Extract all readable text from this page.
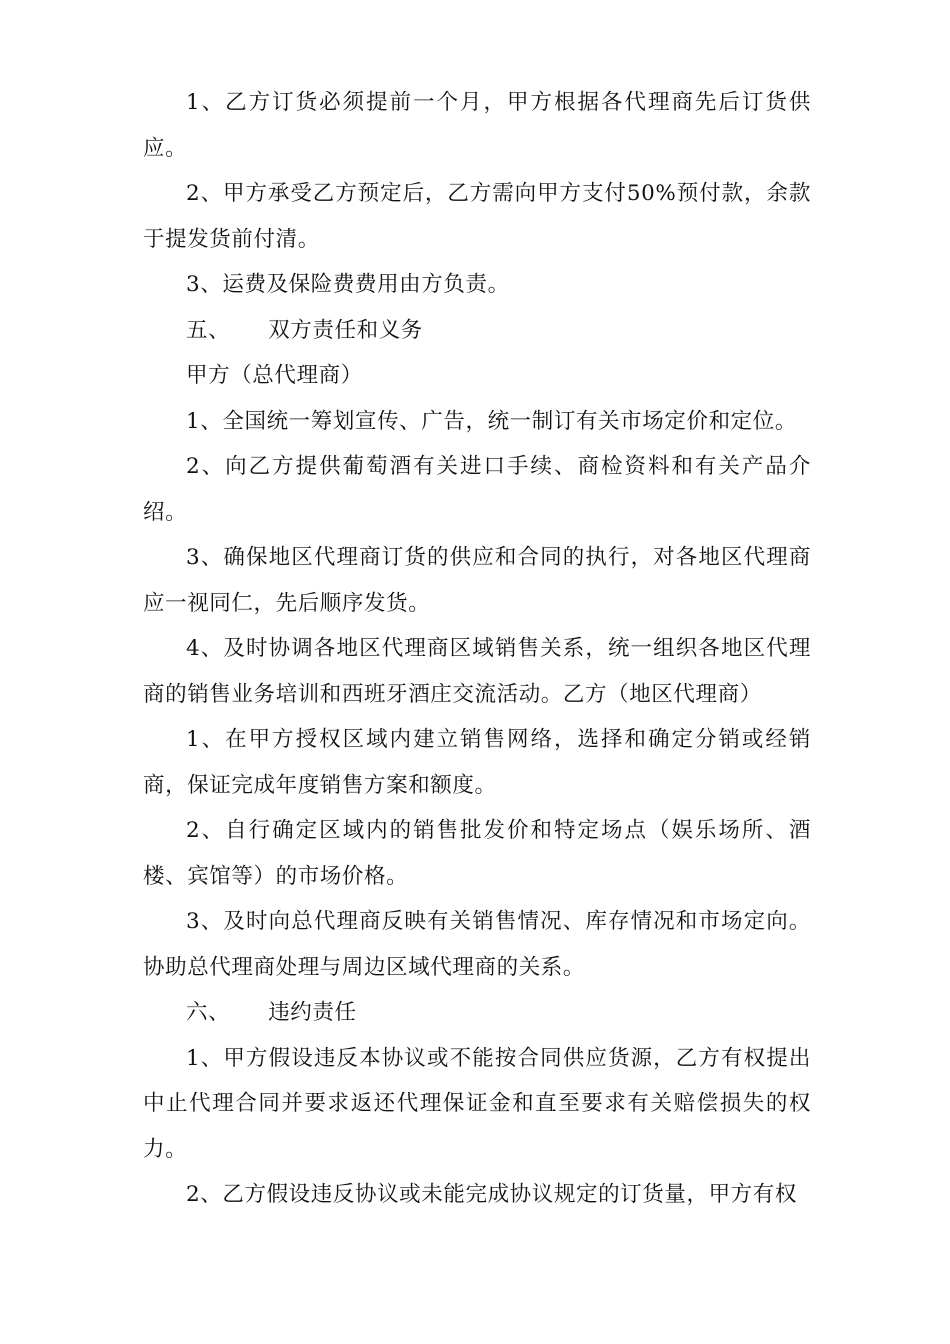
1、乙方订货必须提前一个月，甲方根据各代理商先后订货供应。

2、甲方承受乙方预定后，乙方需向甲方支付50%预付款，余款于提发货前付清。

3、运费及保险费费用由方负责。

五、 双方责任和义务

甲方（总代理商）

1、全国统一筹划宣传、广告，统一制订有关市场定价和定位。

2、向乙方提供葡萄酒有关进口手续、商检资料和有关产品介绍。

3、确保地区代理商订货的供应和合同的执行，对各地区代理商应一视同仁，先后顺序发货。

4、及时协调各地区代理商区域销售关系，统一组织各地区代理商的销售业务培训和西班牙酒庄交流活动。乙方（地区代理商）

1、在甲方授权区域内建立销售网络，选择和确定分销或经销商，保证完成年度销售方案和额度。

2、自行确定区域内的销售批发价和特定场点（娱乐场所、酒楼、宾馆等）的市场价格。

3、及时向总代理商反映有关销售情况、库存情况和市场定向。协助总代理商处理与周边区域代理商的关系。

六、 违约责任

1、甲方假设违反本协议或不能按合同供应货源，乙方有权提出中止代理合同并要求返还代理保证金和直至要求有关赔偿损失的权力。

2、乙方假设违反协议或未能完成协议规定的订货量，甲方有权
